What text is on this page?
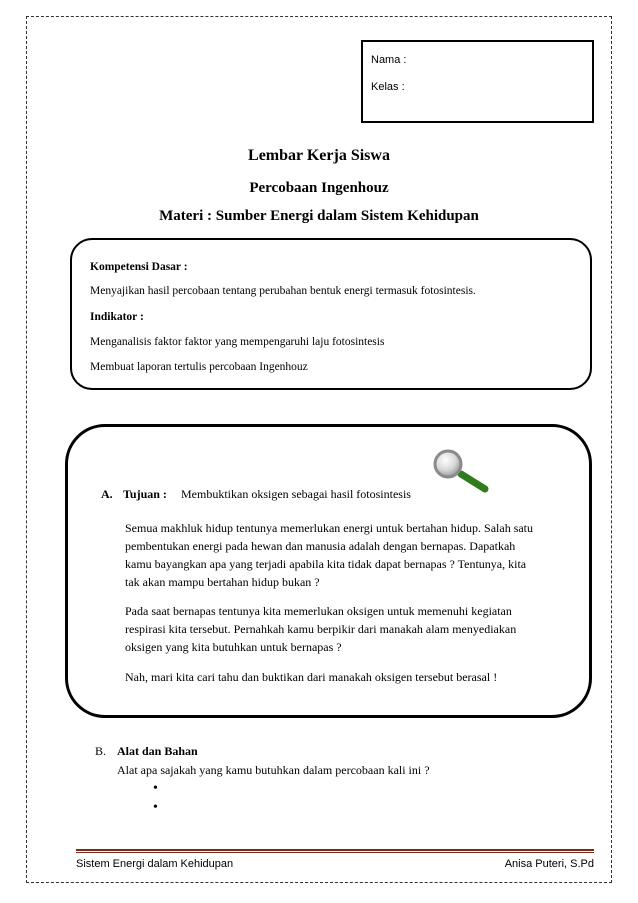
Nama :
Kelas :
Lembar Kerja Siswa
Percobaan Ingenhouz
Materi : Sumber Energi dalam Sistem Kehidupan
Kompetensi Dasar :
Menyajikan hasil percobaan tentang perubahan bentuk energi termasuk fotosintesis.
Indikator :
Menganalisis faktor faktor yang mempengaruhi laju fotosintesis
Membuat laporan tertulis percobaan Ingenhouz
A. Tujuan : Membuktikan oksigen sebagai hasil fotosintesis
Semua makhluk hidup tentunya memerlukan energi untuk bertahan hidup. Salah satu
pembentukan energi pada hewan dan manusia adalah dengan bernapas. Dapatkah
kamu bayangkan apa yang terjadi apabila kita tidak dapat bernapas ? Tentunya, kita
tak akan mampu bertahan hidup bukan ?
Pada saat bernapas tentunya kita memerlukan oksigen untuk memenuhi kegiatan
respirasi kita tersebut. Pernahkah kamu berpikir dari manakah alam menyediakan
oksigen yang kita butuhkan untuk bernapas ?
Nah, mari kita cari tahu dan buktikan dari manakah oksigen tersebut berasal !
B. Alat dan Bahan
Alat apa sajakah yang kamu butuhkan dalam percobaan kali ini ?
•
•
Sistem Energi dalam Kehidupan	Anisa Puteri, S.Pd
